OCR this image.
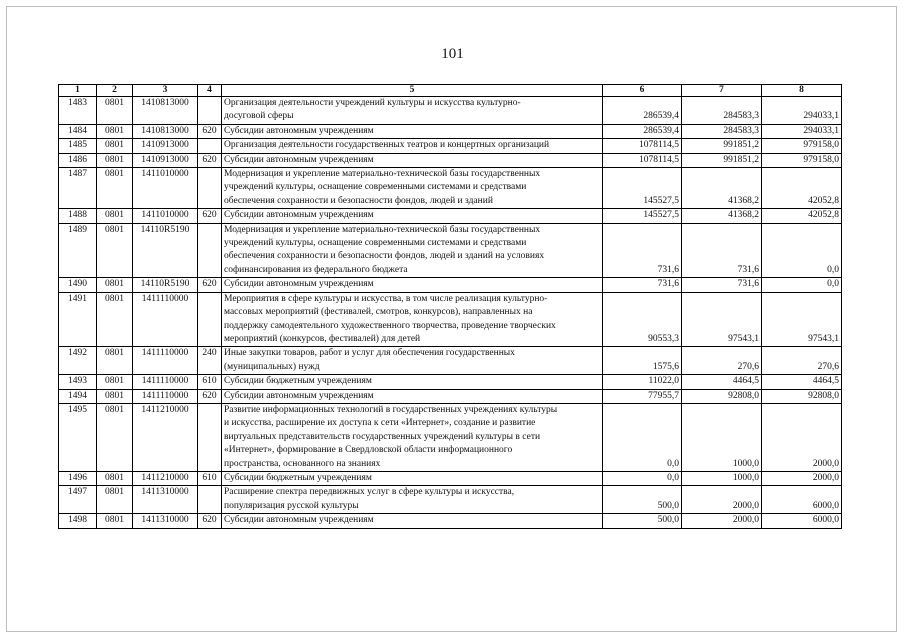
101
1	2	3	4	5	6	7	8
1483	0801	1410813000		Организация деятельности учреждений культуры и искусства культурно-
досуговой сферы	286539,4	284583,3	294033,1
1484	0801	1410813000	620	Субсидии автономным учреждениям	286539,4	284583,3	294033,1
1485	0801	1410913000		Организация деятельности государственных театров и концертных организаций	1078114,5	991851,2	979158,0
1486	0801	1410913000	620	Субсидии автономным учреждениям	1078114,5	991851,2	979158,0
1487	0801	1411010000		Модернизация и укрепление материально-технической базы государственных
учреждений культуры, оснащение современными системами и средствами
обеспечения сохранности и безопасности фондов, людей и зданий	145527,5	41368,2	42052,8
1488	0801	1411010000	620	Субсидии автономным учреждениям	145527,5	41368,2	42052,8
1489	0801	14110R5190		Модернизация и укрепление материально-технической базы государственных
учреждений культуры, оснащение современными системами и средствами
обеспечения сохранности и безопасности фондов, людей и зданий на условиях
софинансирования из федерального бюджета	731,6	731,6	0,0
1490	0801	14110R5190	620	Субсидии автономным учреждениям	731,6	731,6	0,0
1491	0801	1411110000		Мероприятия в сфере культуры и искусства, в том числе реализация культурно-
массовых мероприятий (фестивалей, смотров, конкурсов), направленных на
поддержку самодеятельного художественного творчества, проведение творческих
мероприятий (конкурсов, фестивалей) для детей	90553,3	97543,1	97543,1
1492	0801	1411110000	240	Иные закупки товаров, работ и услуг для обеспечения государственных
(муниципальных) нужд	1575,6	270,6	270,6
1493	0801	1411110000	610	Субсидии бюджетным учреждениям	11022,0	4464,5	4464,5
1494	0801	1411110000	620	Субсидии автономным учреждениям	77955,7	92808,0	92808,0
1495	0801	1411210000		Развитие информационных технологий в государственных учреждениях культуры
и искусства, расширение их доступа к сети «Интернет», создание и развитие
виртуальных представительств государственных учреждений культуры в сети
«Интернет», формирование в Свердловской области информационного
пространства, основанного на знаниях	0,0	1000,0	2000,0
1496	0801	1411210000	610	Субсидии бюджетным учреждениям	0,0	1000,0	2000,0
1497	0801	1411310000		Расширение спектра передвижных услуг в сфере культуры и искусства,
популяризация русской культуры	500,0	2000,0	6000,0
1498	0801	1411310000	620	Субсидии автономным учреждениям	500,0	2000,0	6000,0
